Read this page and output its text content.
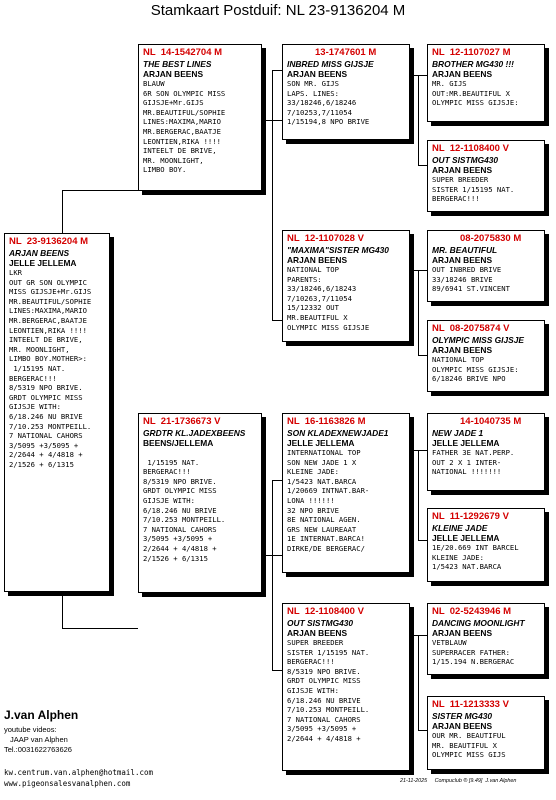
Stamkaart Postduif: NL 23-9136204 M
NL  23-9136204 M
ARJAN BEENS
JELLE JELLEMA
LKR
OUT GR SON OLYMPIC
MISS GIJSJE+Mr.GIJS
MR.BEAUTIFUL/SOPHIE
LINES:MAXIMA,MARIO
MR.BERGERAC,BAATJE
LEONTIEN,RIKA !!!!
INTEELT DE BRIVE,
MR. MOONLIGHT,
LIMBO BOY.MOTHER>:
1/15195 NAT.
BERGERAC!!!
8/5319 NPO BRIVE.
GRDT OLYMPIC MISS
GIJSJE WITH:
6/18.246 NU BRIVE
7/10.253 MONTPEILL.
7 NATIONAL CAHORS
3/5095 +3/5095 +
2/2644 + 4/4818 +
2/1526 + 6/1315
NL  14-1542704 M
THE BEST LINES
ARJAN BEENS
BLAUW
6R SON OLYMPIC MISS
GIJSJE+Mr.GIJS
MR.BEAUTIFUL/SOPHIE
LINES:MAXIMA,MARIO
MR.BERGERAC,BAATJE
LEONTIEN,RIKA !!!!
INTEELT DE BRIVE,
MR. MOONLIGHT,
LIMBO BOY.
NL  21-1736673 V
GRDTR KL.JADEXBEENS
BEENS/JELLEMA

1/15195 NAT.
BERGERAC!!!
8/5319 NPO BRIVE.
GRDT OLYMPIC MISS
GIJSJE WITH:
6/18.246 NU BRIVE
7/10.253 MONTPEILL.
7 NATIONAL CAHORS
3/5095 +3/5095 +
2/2644 + 4/4818 +
2/1526 + 6/1315
13-1747601 M
INBRED MISS GIJSJE
ARJAN BEENS
SON MR. GIJS
LAPS. LINES:
33/18246,6/18246
7/10253,7/11054
1/15194,8 NPO BRIVE
NL  12-1107028 V
"MAXIMA"SISTER MG430
ARJAN BEENS
NATIONAL TOP
PARENTS:
33/18246,6/18243
7/10263,7/11054
15/12332 OUT
MR.BEAUTIFUL X
OLYMPIC MISS GIJSJE
NL  16-1163826 M
SON KLADEXNEWJADE1
JELLE JELLEMA
INTERNATIONAL TOP
SON NEW JADE 1 X
KLEINE JADE:
1/5423 NAT.BARCA
1/20669 INTNAT.BAR-
LONA !!!!!!
32 NPO BRIVE
8E NATIONAL AGEN.
GRS NEW LAUREAAT
1E INTERNAT.BARCA!
DIRKE/DE BERGERAC/
NL  12-1108400 V
OUT SISTMG430
ARJAN BEENS
SUPER BREEDER
SISTER 1/15195 NAT.
BERGERAC!!!
8/5319 NPO BRIVE.
GRDT OLYMPIC MISS
GIJSJE WITH:
6/18.246 NU BRIVE
7/10.253 MONTPEILL.
7 NATIONAL CAHORS
3/5095 +3/5095 +
2/2644 + 4/4818 +
NL  12-1107027 M
BROTHER MG430 !!!
ARJAN BEENS
MR. GIJS
OUT:MR.BEAUTIFUL X
OLYMPIC MISS GIJSJE:
NL  12-1108400 V
OUT SISTMG430
ARJAN BEENS
SUPER BREEDER
SISTER 1/15195 NAT.
BERGERAC!!!
08-2075830 M
MR. BEAUTIFUL
ARJAN BEENS
OUT INBRED BRIVE
33/18246 BRIVE
89/6941 ST.VINCENT
NL  08-2075874 V
OLYMPIC MISS GIJSJE
ARJAN BEENS
NATIONAL TOP
OLYMPIC MISS GIJSJE:
6/18246 BRIVE NPO
14-1040735 M
NEW JADE 1
JELLE JELLEMA
FATHER 3E NAT.PERP.
OUT 2 X 1 INTER-
NATIONAL !!!!!!!
NL  11-1292679 V
KLEINE JADE
JELLE JELLEMA
1E/20.669 INT BARCEL
KLEINE JADE:
1/5423 NAT.BARCA
NL  02-5243946 M
DANCING MOONLIGHT
ARJAN BEENS
VETBLAUW
SUPERRACER FATHER:
1/15.194 N.BERGERAC
NL  11-1213333 V
SISTER MG430
ARJAN BEENS
OUR MR. BEAUTIFUL
MR. BEAUTIFUL X
OLYMPIC MISS GIJS
J.van Alphen
youtube videos:
JAAP van Alphen
Tel.:0031622763626
kw.centrum.van.alphen@hotmail.com
www.pigeonsalesvanalphen.com	21-11-2025     Compuclub ® [9.49]  J.van Alphen
